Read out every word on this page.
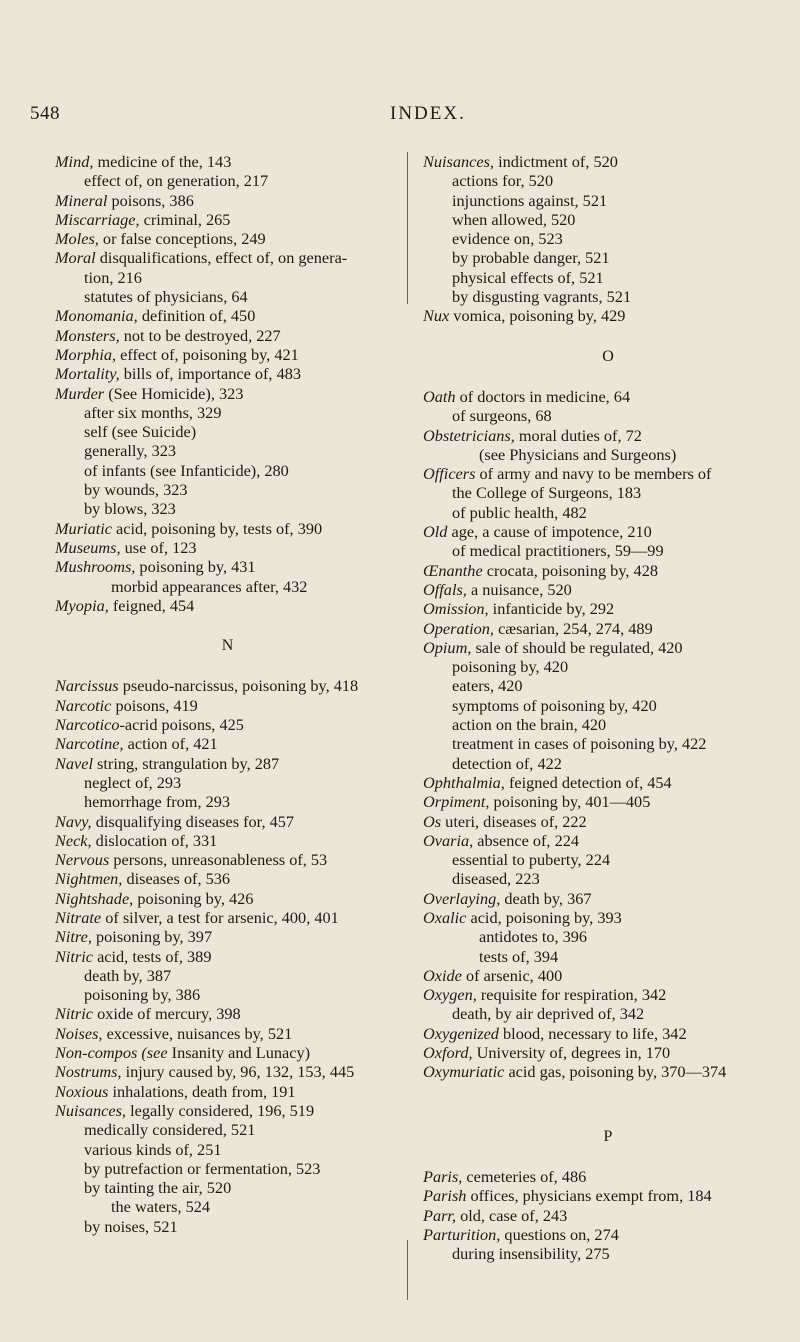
548	INDEX.

Mind, medicine of the, 143

effect of, on generation, 217

Mineral poisons, 386

Miscarriage, criminal, 265

Moles, or false conceptions, 249

Moral disqualifications, effect of, on genera-

tion, 216

statutes of physicians, 64

Monomania, definition of, 450

Monsters, not to be destroyed, 227

Morphia, effect of, poisoning by, 421

Mortality, bills of, importance of, 483

Murder (See Homicide), 323

after six months, 329

self (see Suicide)

generally, 323

of infants (see Infanticide), 280

by wounds, 323

by blows, 323

Muriatic acid, poisoning by, tests of, 390

Museums, use of, 123

Mushrooms, poisoning by, 431

morbid appearances after, 432

Myopia, feigned, 454

N

Narcissus pseudo-narcissus, poisoning by, 418

Narcotic poisons, 419

Narcotico-acrid poisons, 425

Narcotine, action of, 421

Navel string, strangulation by, 287

neglect of, 293

hemorrhage from, 293

Navy, disqualifying diseases for, 457

Neck, dislocation of, 331

Nervous persons, unreasonableness of, 53

Nightmen, diseases of, 536

Nightshade, poisoning by, 426

Nitrate of silver, a test for arsenic, 400, 401

Nitre, poisoning by, 397

Nitric acid, tests of, 389

death by, 387

poisoning by, 386

Nitric oxide of mercury, 398

Noises, excessive, nuisances by, 521

Non-compos (see Insanity and Lunacy)

Nostrums, injury caused by, 96, 132, 153, 445

Noxious inhalations, death from, 191

Nuisances, legally considered, 196, 519

medically considered, 521

various kinds of, 251

by putrefaction or fermentation, 523

by tainting the air, 520

the waters, 524

by noises, 521

Nuisances, indictment of, 520

actions for, 520

injunctions against, 521

when allowed, 520

evidence on, 523

by probable danger, 521

physical effects of, 521

by disgusting vagrants, 521

Nux vomica, poisoning by, 429

O

Oath of doctors in medicine, 64

of surgeons, 68

Obstetricians, moral duties of, 72

(see Physicians and Surgeons)

Officers of army and navy to be members of

the College of Surgeons, 183

of public health, 482

Old age, a cause of impotence, 210

of medical practitioners, 59—99

Œnanthe crocata, poisoning by, 428

Offals, a nuisance, 520

Omission, infanticide by, 292

Operation, cæsarian, 254, 274, 489

Opium, sale of should be regulated, 420

poisoning by, 420

eaters, 420

symptoms of poisoning by, 420

action on the brain, 420

treatment in cases of poisoning by, 422

detection of, 422

Ophthalmia, feigned detection of, 454

Orpiment, poisoning by, 401—405

Os uteri, diseases of, 222

Ovaria, absence of, 224

essential to puberty, 224

diseased, 223

Overlaying, death by, 367

Oxalic acid, poisoning by, 393

antidotes to, 396

tests of, 394

Oxide of arsenic, 400

Oxygen, requisite for respiration, 342

death, by air deprived of, 342

Oxygenized blood, necessary to life, 342

Oxford, University of, degrees in, 170

Oxymuriatic acid gas, poisoning by, 370—374

P

Paris, cemeteries of, 486

Parish offices, physicians exempt from, 184

Parr, old, case of, 243

Parturition, questions on, 274

during insensibility, 275
